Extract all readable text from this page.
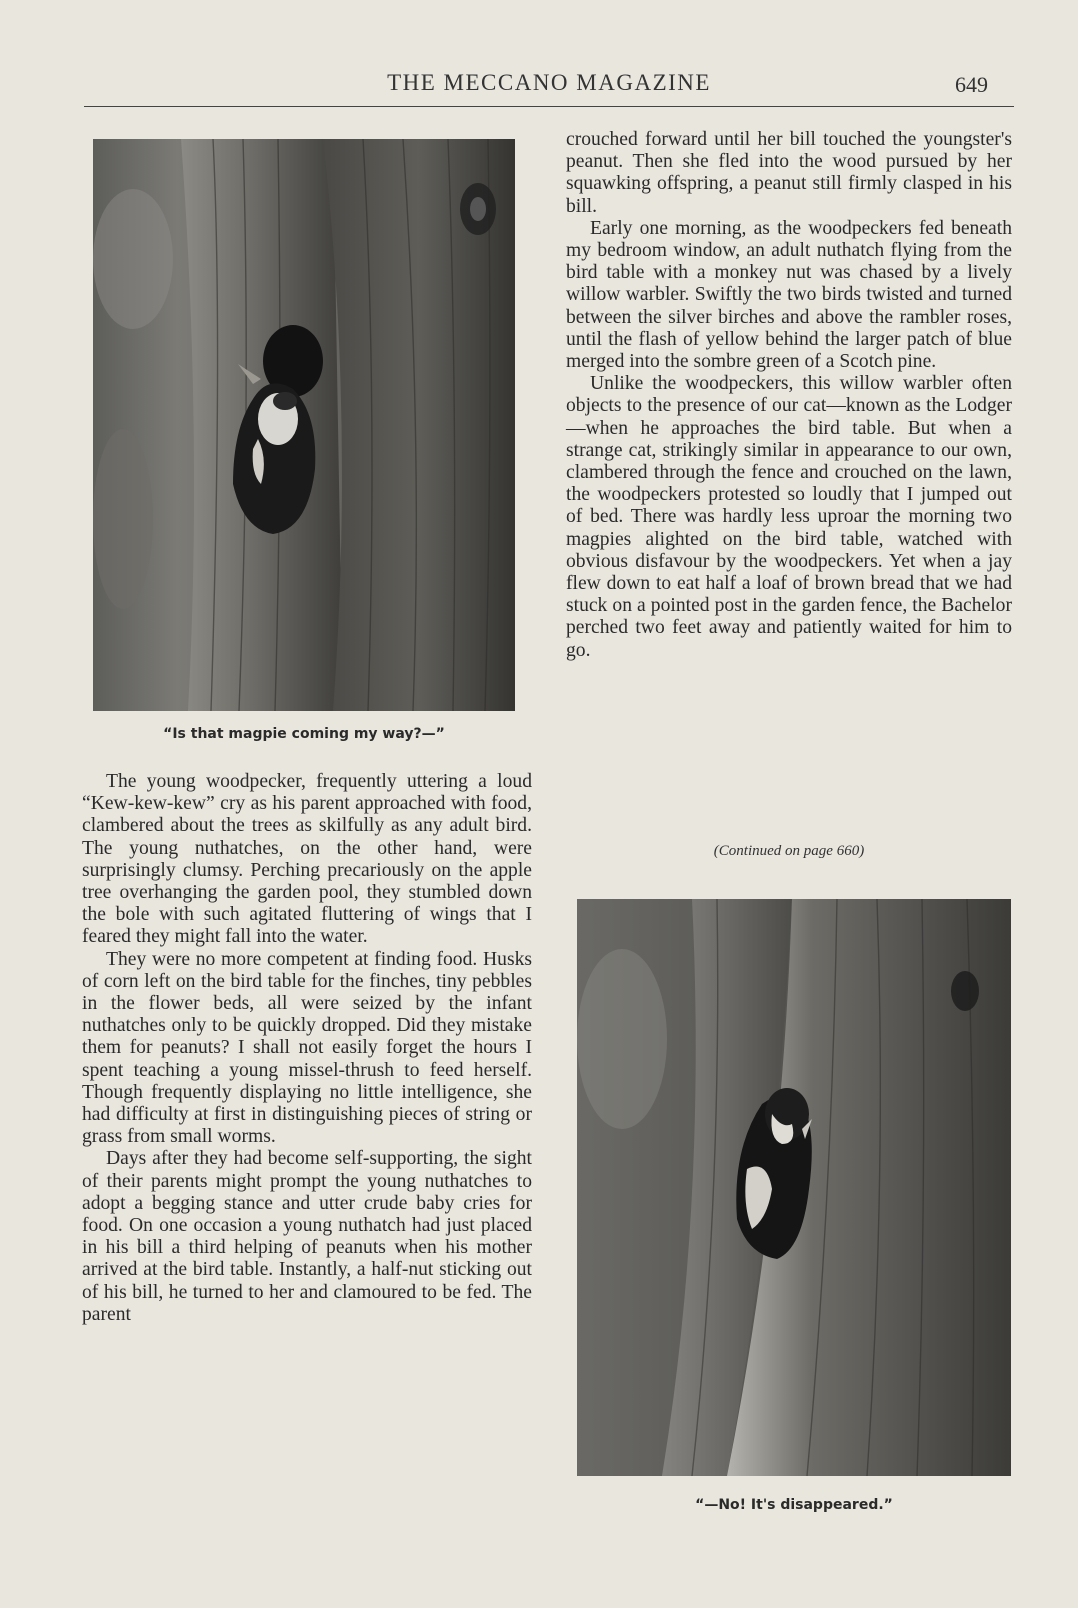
THE MECCANO MAGAZINE	649
“Is that magpie coming my way?—”

The young woodpecker, frequently uttering a loud “Kew-kew-kew” cry as his parent approached with food, clambered about the trees as skilfully as any adult bird. The young nuthatches, on the other hand, were surprisingly clumsy. Perching precariously on the apple tree overhanging the garden pool, they stumbled down the bole with such agitated fluttering of wings that I feared they might fall into the water.

They were no more competent at finding food. Husks of corn left on the bird table for the finches, tiny pebbles in the flower beds, all were seized by the infant nuthatches only to be quickly dropped. Did they mistake them for peanuts? I shall not easily forget the hours I spent teaching a young missel-thrush to feed herself. Though frequently displaying no little intelligence, she had difficulty at first in distinguishing pieces of string or grass from small worms.

Days after they had become self-supporting, the sight of their parents might prompt the young nuthatches to adopt a begging stance and utter crude baby cries for food. On one occasion a young nuthatch had just placed in his bill a third helping of peanuts when his mother arrived at the bird table. Instantly, a half-nut sticking out of his bill, he turned to her and clamoured to be fed. The parent

crouched forward until her bill touched the youngster's peanut. Then she fled into the wood pursued by her squawking offspring, a peanut still firmly clasped in his bill.

Early one morning, as the woodpeckers fed beneath my bedroom window, an adult nuthatch flying from the bird table with a monkey nut was chased by a lively willow warbler. Swiftly the two birds twisted and turned between the silver birches and above the rambler roses, until the flash of yellow behind the larger patch of blue merged into the sombre green of a Scotch pine.

Unlike the woodpeckers, this willow warbler often objects to the presence of our cat—known as the Lodger—when he approaches the bird table. But when a strange cat, strikingly similar in appearance to our own, clambered through the fence and crouched on the lawn, the woodpeckers protested so loudly that I jumped out of bed. There was hardly less uproar the morning two magpies alighted on the bird table, watched with obvious disfavour by the woodpeckers. Yet when a jay flew down to eat half a loaf of brown bread that we had stuck on a pointed post in the garden fence, the Bachelor perched two feet away and patiently waited for him to go.

(Continued on page 660)
“—No! It's disappeared.”
